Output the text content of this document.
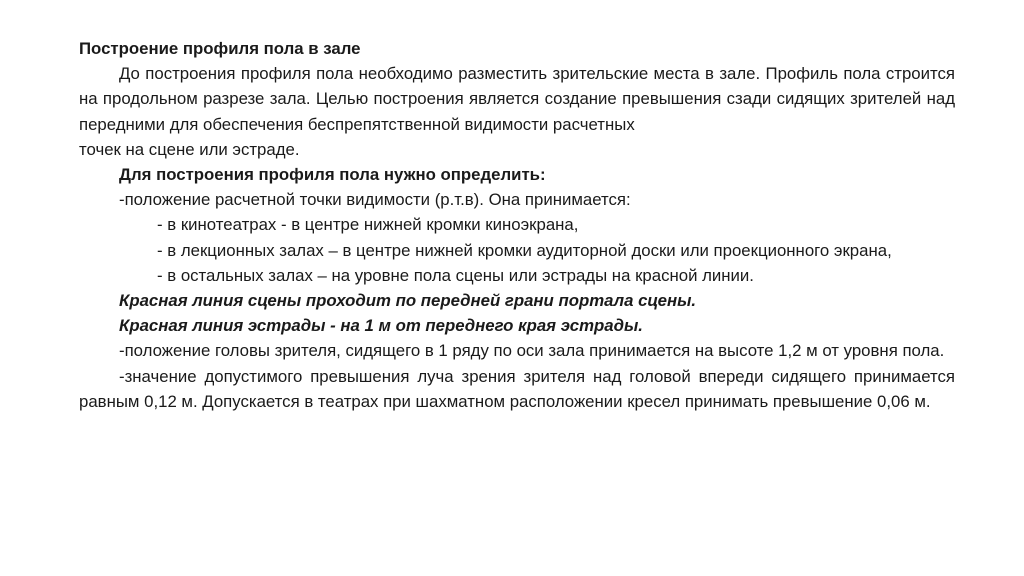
Построение профиля пола в зале

До построения профиля пола необходимо разместить зрительские места в зале. Профиль пола строится на продольном разрезе зала. Целью построения является создание превышения сзади сидящих зрителей над передними для обеспечения беспрепятственной видимости расчетных

точек на сцене или эстраде.

Для построения профиля пола нужно определить:

-положение расчетной точки видимости (р.т.в). Она принимается:

- в кинотеатрах - в центре нижней кромки киноэкрана,

- в лекционных залах – в центре нижней кромки аудиторной доски или проекционного экрана,

- в остальных залах – на уровне пола сцены или эстрады на красной линии.

Красная линия сцены проходит по передней грани портала сцены.

Красная линия эстрады - на 1 м от переднего края эстрады.

-положение головы зрителя, сидящего в 1 ряду по оси зала принимается на высоте 1,2 м от уровня пола.

-значение допустимого превышения луча зрения зрителя над головой впереди сидящего принимается равным 0,12 м. Допускается в театрах при шахматном расположении кресел принимать превышение 0,06 м.
